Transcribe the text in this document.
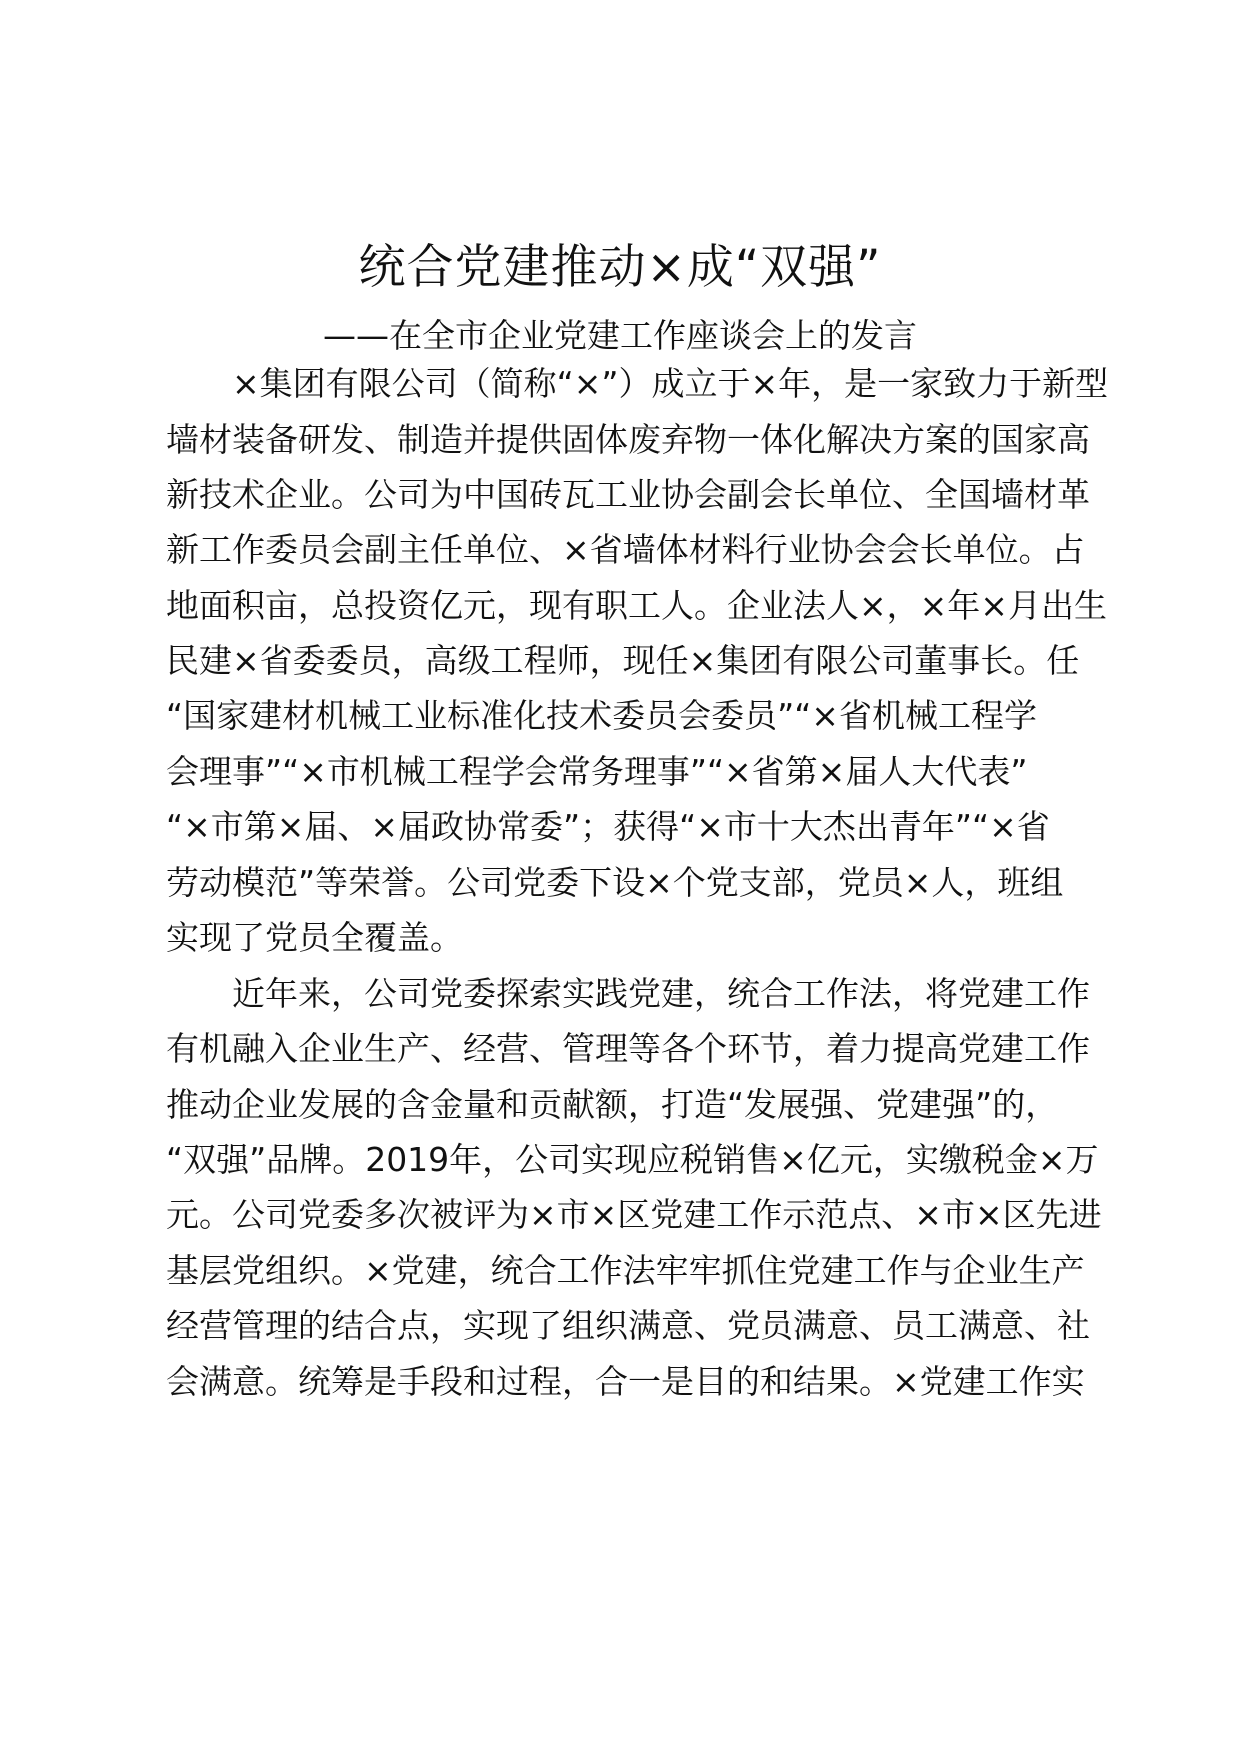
统合党建推动×成“双强”

——在全市企业党建工作座谈会上的发言

×集团有限公司（简称“×”）成立于×年，是一家致力于新型

墙材装备研发、制造并提供固体废弃物一体化解决方案的国家高

新技术企业。公司为中国砖瓦工业协会副会长单位、全国墙材革

新工作委员会副主任单位、×省墙体材料行业协会会长单位。占

地面积亩，总投资亿元，现有职工人。企业法人×，×年×月出生

民建×省委委员，高级工程师，现任×集团有限公司董事长。任

“国家建材机械工业标准化技术委员会委员”“×省机械工程学

会理事”“×市机械工程学会常务理事”“×省第×届人大代表”

“×市第×届、×届政协常委”；获得“×市十大杰出青年”“×省

劳动模范”等荣誉。公司党委下设×个党支部，党员×人，班组

实现了党员全覆盖。

近年来，公司党委探索实践党建，统合工作法，将党建工作

有机融入企业生产、经营、管理等各个环节，着力提高党建工作

推动企业发展的含金量和贡献额，打造“发展强、党建强”的，

“双强”品牌。2019年，公司实现应税销售×亿元，实缴税金×万

元。公司党委多次被评为×市×区党建工作示范点、×市×区先进

基层党组织。×党建，统合工作法牢牢抓住党建工作与企业生产

经营管理的结合点，实现了组织满意、党员满意、员工满意、社

会满意。统筹是手段和过程，合一是目的和结果。×党建工作实
